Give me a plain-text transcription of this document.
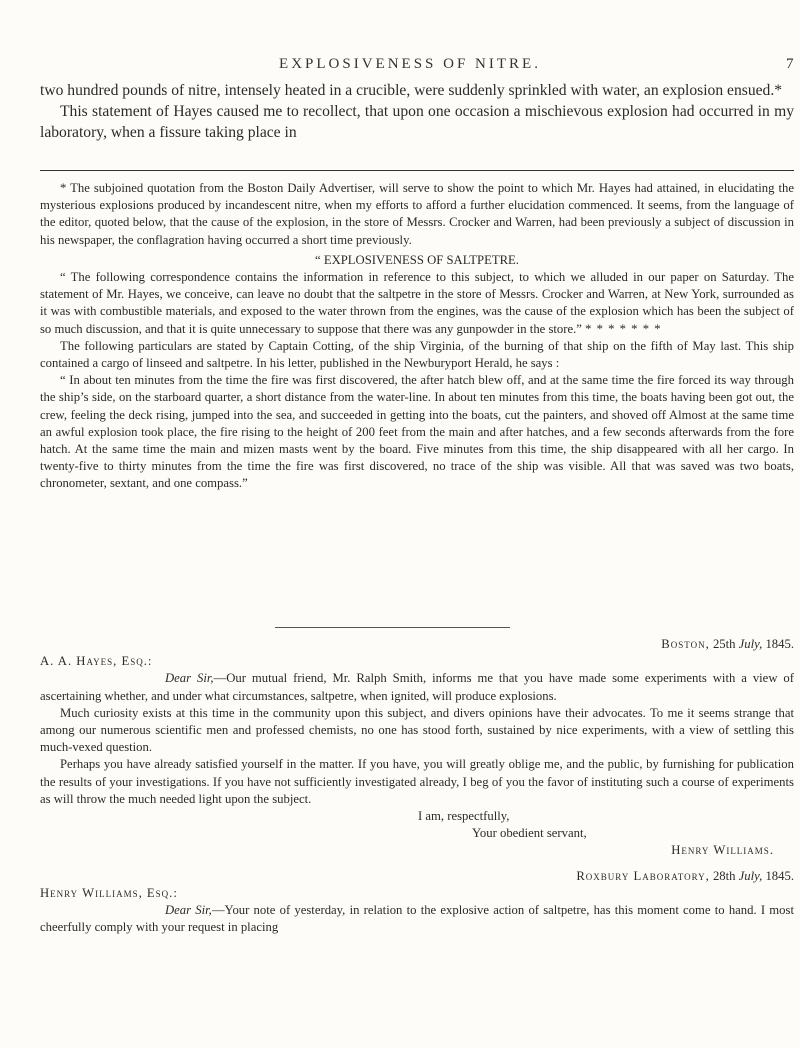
EXPLOSIVENESS OF NITRE.	7

two hundred pounds of nitre, intensely heated in a crucible, were suddenly sprinkled with water, an explosion ensued.*

This statement of Hayes caused me to recollect, that upon one occasion a mischievous explosion had occurred in my laboratory, when a fissure taking place in

* The subjoined quotation from the Boston Daily Advertiser, will serve to show the point to which Mr. Hayes had attained, in elucidating the mysterious explosions produced by incandescent nitre, when my efforts to afford a further elucidation commenced. It seems, from the language of the editor, quoted below, that the cause of the explosion, in the store of Messrs. Crocker and Warren, had been previously a subject of discussion in his newspaper, the conflagration having occurred a short time previously.

“ EXPLOSIVENESS OF SALTPETRE.

“ The following correspondence contains the information in reference to this subject, to which we alluded in our paper on Saturday. The statement of Mr. Hayes, we conceive, can leave no doubt that the saltpetre in the store of Messrs. Crocker and Warren, at New York, surrounded as it was with combustible materials, and exposed to the water thrown from the engines, was the cause of the explosion which has been the subject of so much discussion, and that it is quite unnecessary to suppose that there was any gunpowder in the store.” * * * * * * *

The following particulars are stated by Captain Cotting, of the ship Virginia, of the burning of that ship on the fifth of May last. This ship contained a cargo of linseed and saltpetre. In his letter, published in the Newburyport Herald, he says :

“ In about ten minutes from the time the fire was first discovered, the after hatch blew off, and at the same time the fire forced its way through the ship’s side, on the starboard quarter, a short distance from the water-line. In about ten minutes from this time, the boats having been got out, the crew, feeling the deck rising, jumped into the sea, and succeeded in getting into the boats, cut the painters, and shoved off Almost at the same time an awful explosion took place, the fire rising to the height of 200 feet from the main and after hatches, and a few seconds afterwards from the fore hatch. At the same time the main and mizen masts went by the board. Five minutes from this time, the ship disappeared with all her cargo. In twenty-five to thirty minutes from the time the fire was first discovered, no trace of the ship was visible. All that was saved was two boats, chronometer, sextant, and one compass.”

Boston, 25th July, 1845.

A. A. Hayes, Esq.:

Dear Sir,—Our mutual friend, Mr. Ralph Smith, informs me that you have made some experiments with a view of ascertaining whether, and under what circumstances, saltpetre, when ignited, will produce explosions.

Much curiosity exists at this time in the community upon this subject, and divers opinions have their advocates. To me it seems strange that among our numerous scientific men and professed chemists, no one has stood forth, sustained by nice experiments, with a view of settling this much-vexed question.

Perhaps you have already satisfied yourself in the matter. If you have, you will greatly oblige me, and the public, by furnishing for publication the results of your investigations. If you have not sufficiently investigated already, I beg of you the favor of instituting such a course of experiments as will throw the much needed light upon the subject.

I am, respectfully,

Your obedient servant,

Henry Williams.

Roxbury Laboratory, 28th July, 1845.

Henry Williams, Esq.:

Dear Sir,—Your note of yesterday, in relation to the explosive action of saltpetre, has this moment come to hand. I most cheerfully comply with your request in placing
